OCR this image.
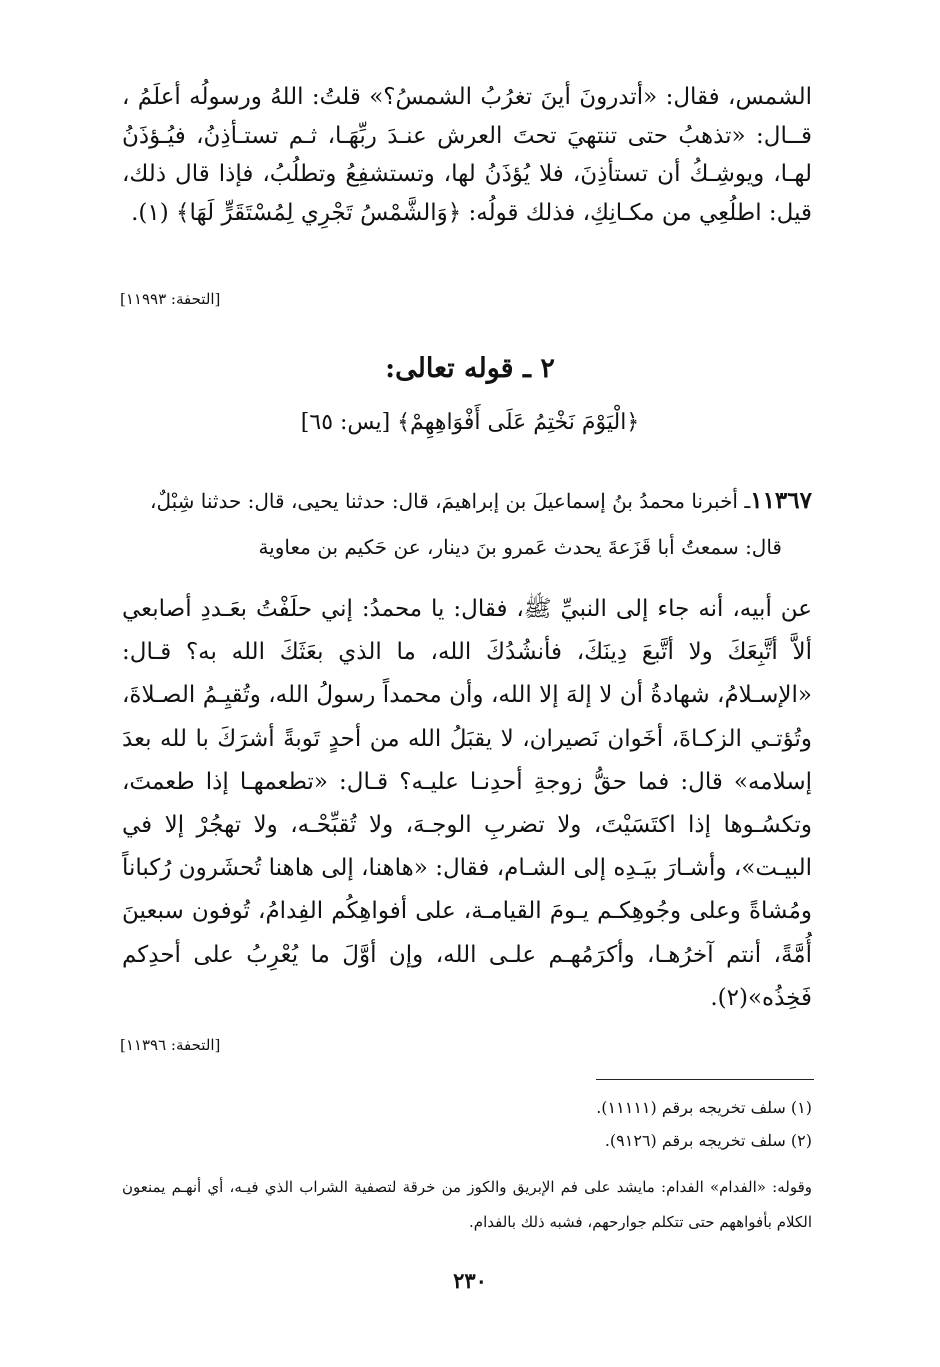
الشمس، فقال: «أتدرونَ أينَ تغرُبُ الشمسُ؟» قلتُ: اللهُ ورسولُه أعلَمُ ، قــال: «تذهبُ حتى تنتهيَ تحتَ العرش عنـدَ ربِّهَـا، ثـم تستـأذِنُ، فيُـؤذَنُ لهـا، ويوشِـكُ أن تستأذِنَ، فلا يُؤذَنُ لها، وتستشفِعُ وتطلُبُ، فإذا قال ذلك، قيل: اطلُعِي من مكـانِكِ، فذلك قولُه: ﴿وَالشَّمْسُ تَجْرِي لِمُسْتَقَرٍّ لَهَا﴾ (١).
[التحفة: ١١٩٩٣]
٢ ـ قوله تعالى:
﴿الْيَوْمَ نَخْتِمُ عَلَى أَفْوَاهِهِمْ﴾ [يس: ٦٥]
١١٣٦٧ـ أخبرنا محمدُ بنُ إسماعيلَ بن إبراهيمَ، قال: حدثنا يحيى، قال: حدثنا شِبْلٌ،
قال: سمعتُ أبا قَزَعةَ يحدث عَمرو بنَ دينار، عن حَكيم بن معاوية
عن أبيه، أنه جاء إلى النبيِّ ﷺ، فقال: يا محمدُ: إني حلَفْتُ بعَـددِ أصابعي ألاَّ أتَّبِعَكَ ولا أتَّبعَ دِينَكَ، فأنشُدُكَ الله، ما الذي بعَثَكَ الله به؟ قـال: «الإسـلامُ، شهادةُ أن لا إلهَ إلا الله، وأن محمداً رسولُ الله، وتُقيِـمُ الصـلاةَ، وتُؤتـي الزكـاةَ، أخَوان نَصيران، لا يقبَلُ الله من أحدٍ تَوبةً أشرَكَ با لله بعدَ إسلامه» قال: فما حقُّ زوجةِ أحدِنـا عليـه؟ قـال: «تطعمهـا إذا طعمتَ، وتكسُـوها إذا اكتَسَيْتَ، ولا تضربِ الوجـهَ، ولا تُقبِّحْـه، ولا تهجُرْ إلا في البيـت»، وأشـارَ بيَـدِه إلى الشـام، فقال: «هاهنا، إلى هاهنا تُحشَرون رُكباناً ومُشاةً وعلى وجُوهِكـم يـومَ القيامـة، على أفواهِكُم الفِدامُ، تُوفون سبعينَ أُمَّةً، أنتم آخرُهـا، وأكرَمُهـم علـى الله، وإن أوَّلَ ما يُعْرِبُ على أحدِكم فَخِذُه»(٢).
[التحفة: ١١٣٩٦]
(١) سلف تخريجه برقم (١١١١١).
(٢) سلف تخريجه برقم (٩١٢٦).
وقوله: «الفدام» الفدام: مايشد على فم الإبريق والكوز من خرقة لتصفية الشراب الذي فيـه، أي أنهـم يمنعون الكلام بأفواههم حتى تتكلم جوارحهم، فشبه ذلك بالفدام.
٢٣٠
